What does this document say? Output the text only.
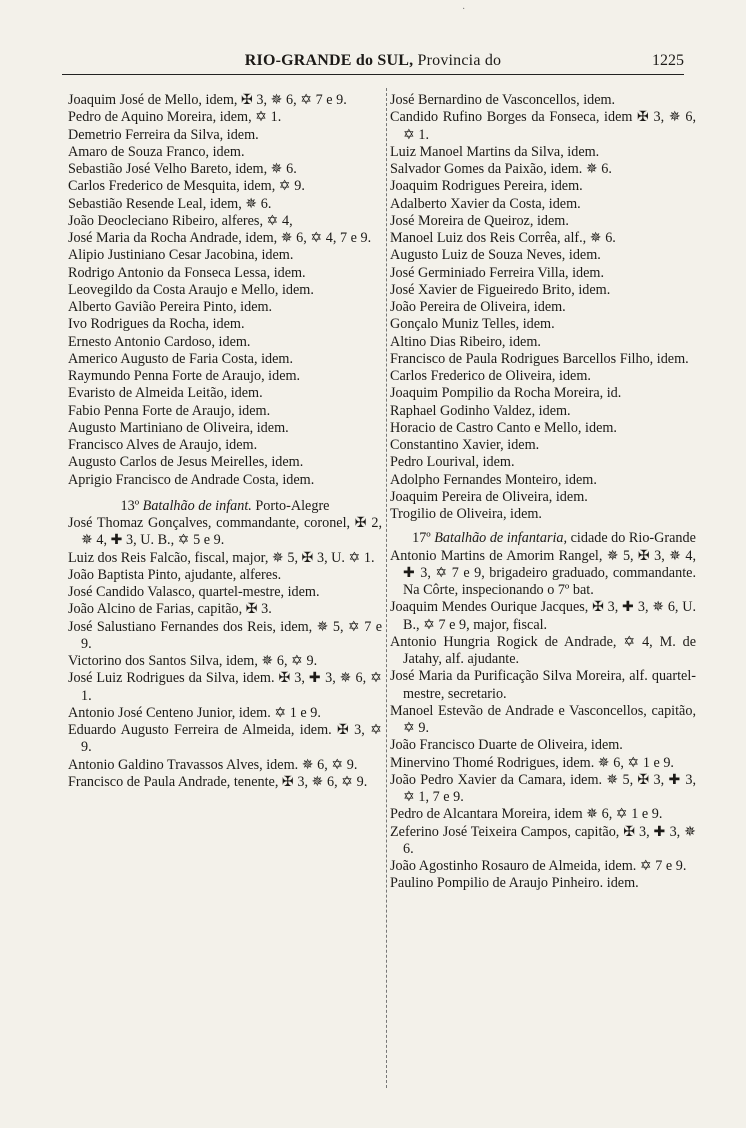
·
RIO-GRANDE do SUL, Provincia do	1225

Joaquim José de Mello, idem, ✠ 3, ✵ 6, ✡ 7 e 9.

Pedro de Aquino Moreira, idem, ✡ 1.

Demetrio Ferreira da Silva, idem.

Amaro de Souza Franco, idem.

Sebastião José Velho Bareto, idem, ✵ 6.

Carlos Frederico de Mesquita, idem, ✡ 9.

Sebastião Resende Leal, idem, ✵ 6.

João Deocleciano Ribeiro, alferes, ✡ 4,

José Maria da Rocha Andrade, idem, ✵ 6, ✡ 4, 7 e 9.

Alipio Justiniano Cesar Jacobina, idem.

Rodrigo Antonio da Fonseca Lessa, idem.

Leovegildo da Costa Araujo e Mello, idem.

Alberto Gavião Pereira Pinto, idem.

Ivo Rodrigues da Rocha, idem.

Ernesto Antonio Cardoso, idem.

Americo Augusto de Faria Costa, idem.

Raymundo Penna Forte de Araujo, idem.

Evaristo de Almeida Leitão, idem.

Fabio Penna Forte de Araujo, idem.

Augusto Martiniano de Oliveira, idem.

Francisco Alves de Araujo, idem.

Augusto Carlos de Jesus Meirelles, idem.

Aprigio Francisco de Andrade Costa, idem.

13º Batalhão de infant. Porto-Alegre

José Thomaz Gonçalves, commandante, coronel, ✠ 2, ✵ 4, ✚ 3, U. B., ✡ 5 e 9.

Luiz dos Reis Falcão, fiscal, major, ✵ 5, ✠ 3, U. ✡ 1.

João Baptista Pinto, ajudante, alferes.

José Candido Valasco, quartel-mestre, idem.

João Alcino de Farias, capitão, ✠ 3.

José Salustiano Fernandes dos Reis, idem, ✵ 5, ✡ 7 e 9.

Victorino dos Santos Silva, idem, ✵ 6, ✡ 9.

José Luiz Rodrigues da Silva, idem. ✠ 3, ✚ 3, ✵ 6, ✡ 1.

Antonio José Centeno Junior, idem. ✡ 1 e 9.

Eduardo Augusto Ferreira de Almeida, idem. ✠ 3, ✡ 9.

Antonio Galdino Travassos Alves, idem. ✵ 6, ✡ 9.

Francisco de Paula Andrade, tenente, ✠ 3, ✵ 6, ✡ 9.

José Bernardino de Vasconcellos, idem.

Candido Rufino Borges da Fonseca, idem ✠ 3, ✵ 6, ✡ 1.

Luiz Manoel Martins da Silva, idem.

Salvador Gomes da Paixão, idem. ✵ 6.

Joaquim Rodrigues Pereira, idem.

Adalberto Xavier da Costa, idem.

José Moreira de Queiroz, idem.

Manoel Luiz dos Reis Corrêa, alf., ✵ 6.

Augusto Luiz de Souza Neves, idem.

José Germiniado Ferreira Villa, idem.

José Xavier de Figueiredo Brito, idem.

João Pereira de Oliveira, idem.

Gonçalo Muniz Telles, idem.

Altino Dias Ribeiro, idem.

Francisco de Paula Rodrigues Barcellos Filho, idem.

Carlos Frederico de Oliveira, idem.

Joaquim Pompilio da Rocha Moreira, id.

Raphael Godinho Valdez, idem.

Horacio de Castro Canto e Mello, idem.

Constantino Xavier, idem.

Pedro Lourival, idem.

Adolpho Fernandes Monteiro, idem.

Joaquim Pereira de Oliveira, idem.

Trogilio de Oliveira, idem.

17º Batalhão de infantaria, cidade do Rio-Grande

Antonio Martins de Amorim Rangel, ✵ 5, ✠ 3, ✵ 4, ✚ 3, ✡ 7 e 9, brigadeiro graduado, commandante. Na Côrte, inspecionando o 7º bat.

Joaquim Mendes Ourique Jacques, ✠ 3, ✚ 3, ✵ 6, U. B., ✡ 7 e 9, major, fiscal.

Antonio Hungria Rogick de Andrade, ✡ 4, M. de Jatahy, alf. ajudante.

José Maria da Purificação Silva Moreira, alf. quartel-mestre, secretario.

Manoel Estevão de Andrade e Vasconcellos, capitão, ✡ 9.

João Francisco Duarte de Oliveira, idem.

Minervino Thomé Rodrigues, idem. ✵ 6, ✡ 1 e 9.

João Pedro Xavier da Camara, idem. ✵ 5, ✠ 3, ✚ 3, ✡ 1, 7 e 9.

Pedro de Alcantara Moreira, idem ✵ 6, ✡ 1 e 9.

Zeferino José Teixeira Campos, capitão, ✠ 3, ✚ 3, ✵ 6.

João Agostinho Rosauro de Almeida, idem. ✡ 7 e 9.

Paulino Pompilio de Araujo Pinheiro. idem.
